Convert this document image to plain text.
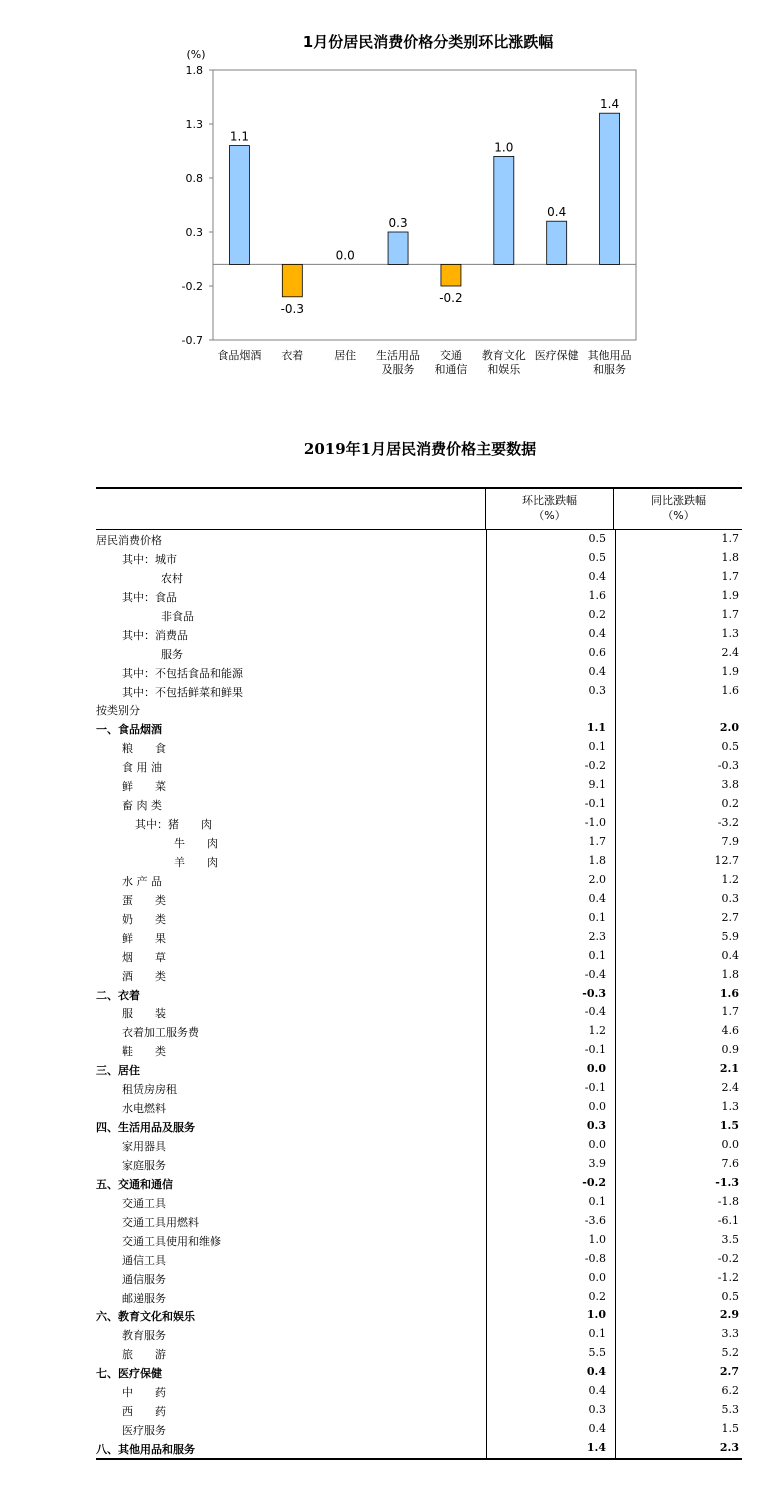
1月份居民消费价格分类别环比涨跌幅
(%)
1.8
1.3
0.8
0.3
-0.2
-0.7
1.1
食品烟酒
-0.3
衣着
0.0
居住
0.3
生活用品
及服务
-0.2
交通
和通信
1.0
教育文化
和娱乐
0.4
医疗保健
1.4
其他用品
和服务
2019年1月居民消费价格主要数据
环比涨跌幅
（%）
同比涨跌幅
（%）
居民消费价格	0.5	1.7
其中：城市	0.5	1.8
农村	0.4	1.7
其中：食品	1.6	1.9
非食品	0.2	1.7
其中：消费品	0.4	1.3
服务	0.6	2.4
其中：不包括食品和能源	0.4	1.9
其中：不包括鲜菜和鲜果	0.3	1.6
按类别分
一、食品烟酒	1.1	2.0
粮　　食	0.1	0.5
食 用 油	-0.2	-0.3
鲜　　菜	9.1	3.8
畜 肉 类	-0.1	0.2
其中：猪　　肉	-1.0	-3.2
牛　　肉	1.7	7.9
羊　　肉	1.8	12.7
水 产 品	2.0	1.2
蛋　　类	0.4	0.3
奶　　类	0.1	2.7
鲜　　果	2.3	5.9
烟　　草	0.1	0.4
酒　　类	-0.4	1.8
二、衣着	-0.3	1.6
服　　装	-0.4	1.7
衣着加工服务费	1.2	4.6
鞋　　类	-0.1	0.9
三、居住	0.0	2.1
租赁房房租	-0.1	2.4
水电燃料	0.0	1.3
四、生活用品及服务	0.3	1.5
家用器具	0.0	0.0
家庭服务	3.9	7.6
五、交通和通信	-0.2	-1.3
交通工具	0.1	-1.8
交通工具用燃料	-3.6	-6.1
交通工具使用和维修	1.0	3.5
通信工具	-0.8	-0.2
通信服务	0.0	-1.2
邮递服务	0.2	0.5
六、教育文化和娱乐	1.0	2.9
教育服务	0.1	3.3
旅　　游	5.5	5.2
七、医疗保健	0.4	2.7
中　　药	0.4	6.2
西　　药	0.3	5.3
医疗服务	0.4	1.5
八、其他用品和服务	1.4	2.3
